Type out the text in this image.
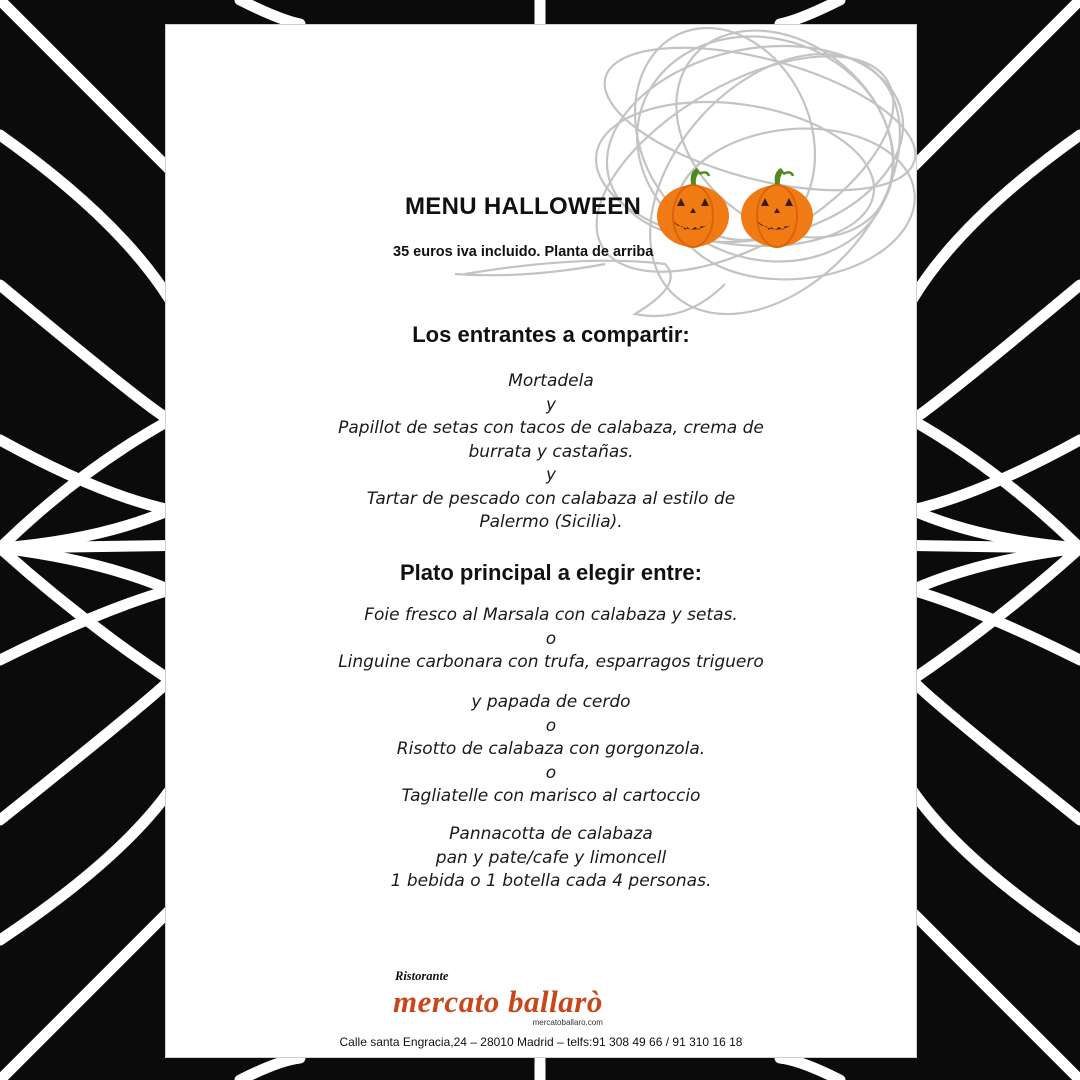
MENU HALLOWEEN
35 euros iva incluido. Planta de arriba
Los entrantes a compartir:
Mortadela
y
Papillot de setas con tacos de calabaza, crema de
burrata y castañas.
y
Tartar de pescado con calabaza al estilo de
Palermo (Sicilia).
Plato principal a elegir entre:
Foie fresco al Marsala con calabaza y setas.
o
Linguine carbonara con trufa, esparragos triguero
y papada de cerdo
o
Risotto de calabaza con gorgonzola.
o
Tagliatelle con marisco al cartoccio
Pannacotta de calabaza
pan y pate/cafe y limoncell
1 bebida o 1 botella cada 4 personas.
Ristorante
mercato ballarò
mercatoballaro.com
Calle santa Engracia,24 – 28010 Madrid – telfs:91 308 49 66 / 91 310 16 18
